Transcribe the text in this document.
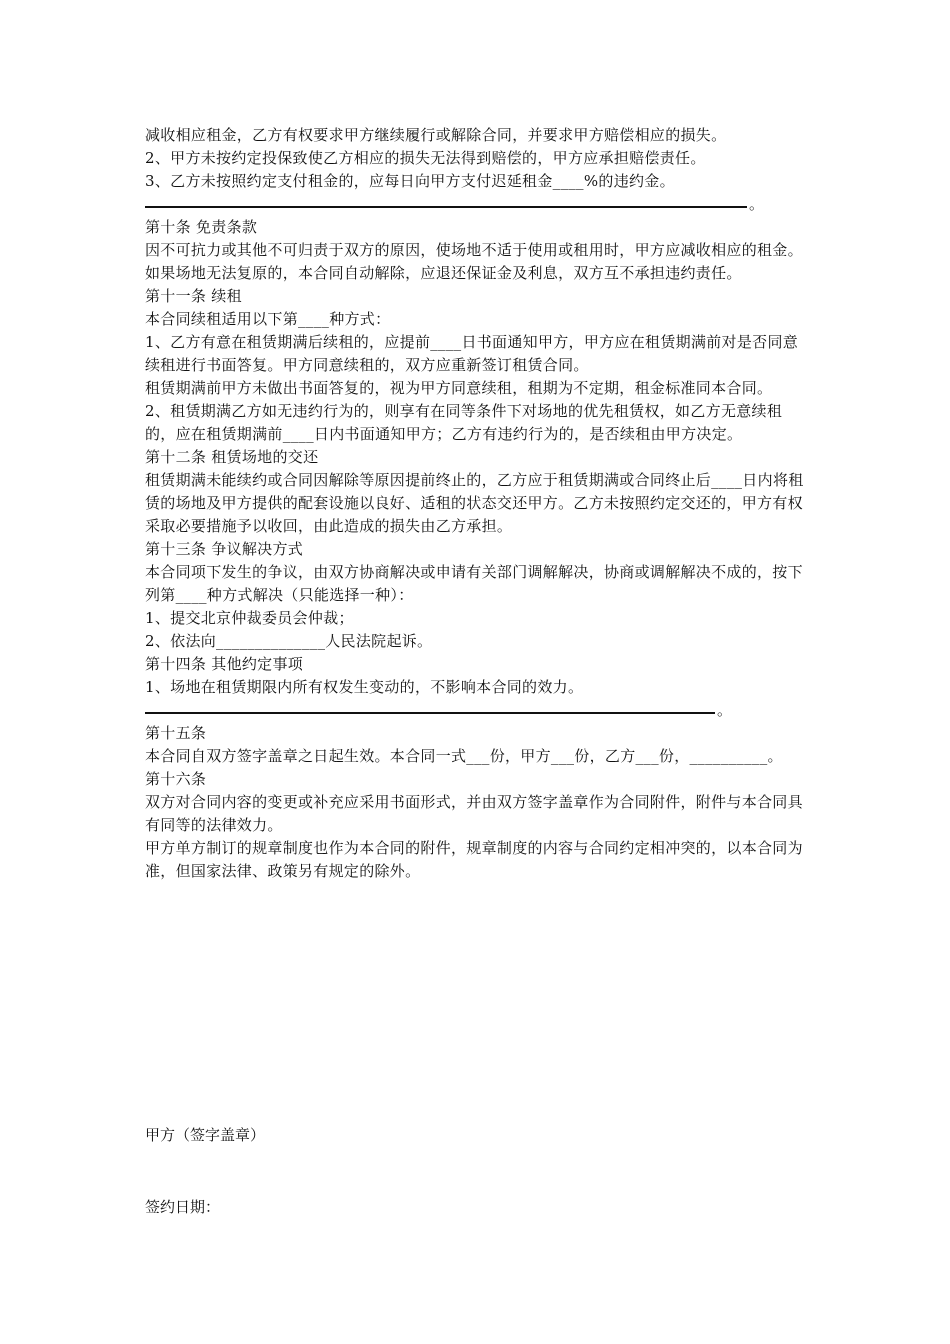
减收相应租金，乙方有权要求甲方继续履行或解除合同，并要求甲方赔偿相应的损失。

2、甲方未按约定投保致使乙方相应的损失无法得到赔偿的，甲方应承担赔偿责任。

3、乙方未按照约定支付租金的，应每日向甲方支付迟延租金____%的违约金。

。

第十条 免责条款

因不可抗力或其他不可归责于双方的原因，使场地不适于使用或租用时，甲方应减收相应的租金。

如果场地无法复原的，本合同自动解除，应退还保证金及利息，双方互不承担违约责任。

第十一条 续租

本合同续租适用以下第____种方式：

1、乙方有意在租赁期满后续租的，应提前____日书面通知甲方，甲方应在租赁期满前对是否同意续租进行书面答复。甲方同意续租的，双方应重新签订租赁合同。

租赁期满前甲方未做出书面答复的，视为甲方同意续租，租期为不定期，租金标准同本合同。

2、租赁期满乙方如无违约行为的，则享有在同等条件下对场地的优先租赁权，如乙方无意续租的，应在租赁期满前____日内书面通知甲方；乙方有违约行为的，是否续租由甲方决定。

第十二条 租赁场地的交还

租赁期满未能续约或合同因解除等原因提前终止的，乙方应于租赁期满或合同终止后____日内将租赁的场地及甲方提供的配套设施以良好、适租的状态交还甲方。乙方未按照约定交还的，甲方有权采取必要措施予以收回，由此造成的损失由乙方承担。

第十三条 争议解决方式

本合同项下发生的争议，由双方协商解决或申请有关部门调解解决，协商或调解解决不成的，按下列第____种方式解决（只能选择一种）：

1、提交北京仲裁委员会仲裁；

2、依法向______________人民法院起诉。

第十四条 其他约定事项

1、场地在租赁期限内所有权发生变动的，不影响本合同的效力。

。

第十五条

本合同自双方签字盖章之日起生效。本合同一式___份，甲方___份，乙方___份，__________。

第十六条

双方对合同内容的变更或补充应采用书面形式，并由双方签字盖章作为合同附件，附件与本合同具有同等的法律效力。

甲方单方制订的规章制度也作为本合同的附件，规章制度的内容与合同约定相冲突的，以本合同为准，但国家法律、政策另有规定的除外。

甲方（签字盖章）
签约日期：
